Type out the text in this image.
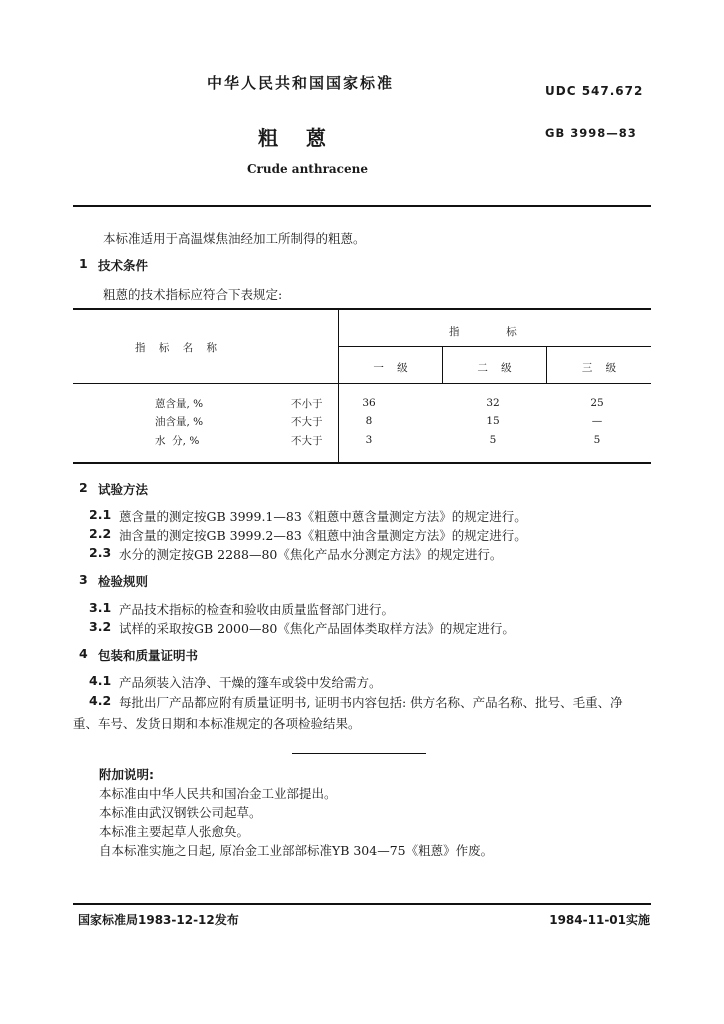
中华人民共和国国家标准	UDC 547.672
粗    蒽	GB 3998—83
Crude anthracene
本标准适用于高温煤焦油经加工所制得的粗蒽。
1 技术条件
粗蒽的技术指标应符合下表规定:
指    标    名    称
指              标
一    级	二    级	三    级
蒽含量, %	不小于	36	32	25
油含量, %	不大于	8	15	—
水  分, %	不大于	3	5	5
2 试验方法
2.1 蒽含量的测定按GB 3999.1—83《粗蒽中蒽含量测定方法》的规定进行。
2.2 油含量的测定按GB 3999.2—83《粗蒽中油含量测定方法》的规定进行。
2.3 水分的测定按GB 2288—80《焦化产品水分测定方法》的规定进行。
3 检验规则
3.1 产品技术指标的检查和验收由质量监督部门进行。
3.2 试样的采取按GB 2000—80《焦化产品固体类取样方法》的规定进行。
4 包装和质量证明书
4.1 产品须装入洁净、干燥的篷车或袋中发给需方。
4.2 每批出厂产品都应附有质量证明书, 证明书内容包括: 供方名称、产品名称、批号、毛重、净
重、车号、发货日期和本标准规定的各项检验结果。
附加说明:
本标准由中华人民共和国冶金工业部提出。
本标准由武汉钢铁公司起草。
本标准主要起草人张愈奂。
自本标准实施之日起, 原冶金工业部部标准YB 304—75《粗蒽》作废。
国家标准局1983-12-12发布	1984-11-01实施
